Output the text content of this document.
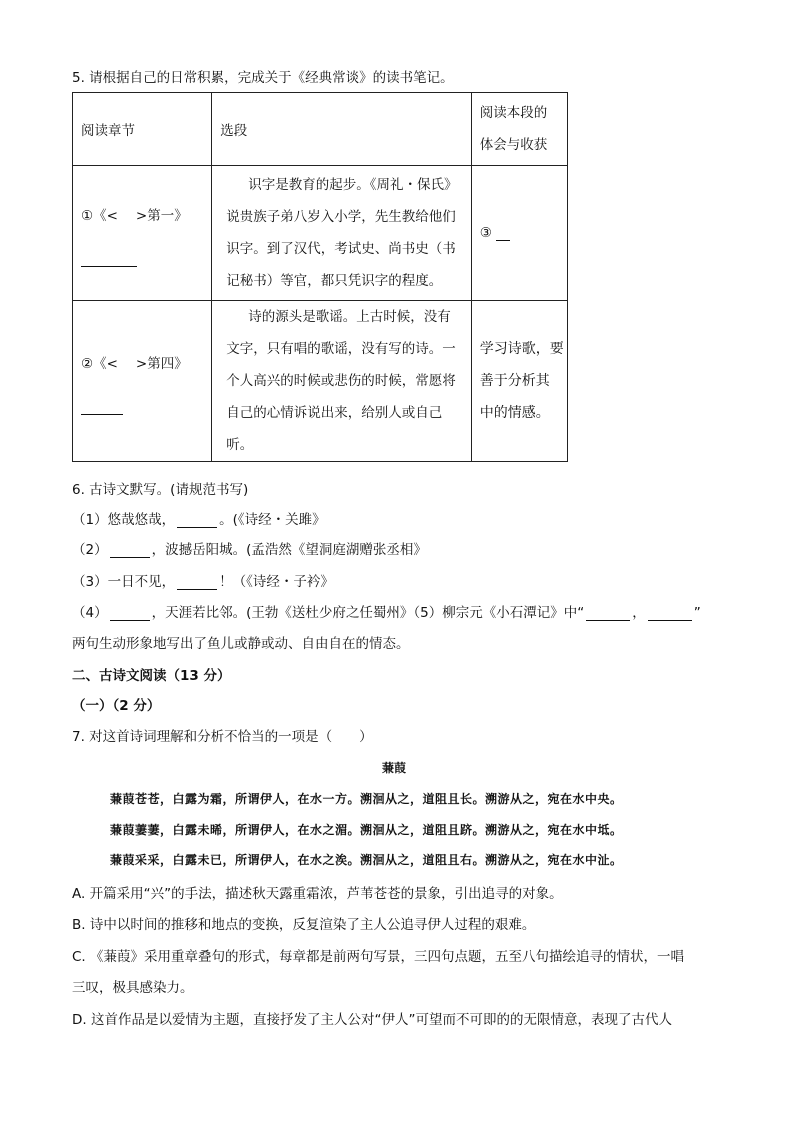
5. 请根据自己的日常积累，完成关于《经典常谈》的读书笔记。
阅读章节	选段	阅读本段的
体会与收获
①《< >第一》	识字是教育的起步。《周礼・保氏》
说贵族子弟八岁入小学，先生教给他们
识字。到了汉代，考试史、尚书史（书
记秘书）等官，都只凭识字的程度。	③
②《< >第四》	诗的源头是歌谣。上古时候，没有
文字，只有唱的歌谣，没有写的诗。一
个人高兴的时候或悲伤的时候，常愿将
自己的心情诉说出来，给别人或自己听。	学习诗歌，要
善于分析其
中的情感。
6. 古诗文默写。(请规范书写)
（1）悠哉悠哉，	。(《诗经・关雎》
（2）	，波撼岳阳城。(孟浩然《望洞庭湖赠张丞相》
（3）一日不见，	！（《诗经・子衿》
（4）	，天涯若比邻。(王勃《送杜少府之任蜀州》（5）柳宗元《小石潭记》中“	，	”
两句生动形象地写出了鱼儿或静或动、自由自在的情态。
二、古诗文阅读（13 分）
（一）（2 分）
7. 对这首诗词理解和分析不恰当的一项是（　　）
蒹葭
蒹葭苍苍，白露为霜，所谓伊人，在水一方。溯洄从之，道阻且长。溯游从之，宛在水中央。
蒹葭萋萋，白露未晞，所谓伊人，在水之湄。溯洄从之，道阻且跻。溯游从之，宛在水中坻。
蒹葭采采，白露未已，所谓伊人，在水之涘。溯洄从之，道阻且右。溯游从之，宛在水中沚。
A. 开篇采用“兴”的手法，描述秋天露重霜浓，芦苇苍苍的景象，引出追寻的对象。
B. 诗中以时间的推移和地点的变换，反复渲染了主人公追寻伊人过程的艰难。
C. 《蒹葭》采用重章叠句的形式，每章都是前两句写景，三四句点题，五至八句描绘追寻的情状，一唱
三叹，极具感染力。
D. 这首作品是以爱情为主题，直接抒发了主人公对“伊人”可望而不可即的的无限情意，表现了古代人
